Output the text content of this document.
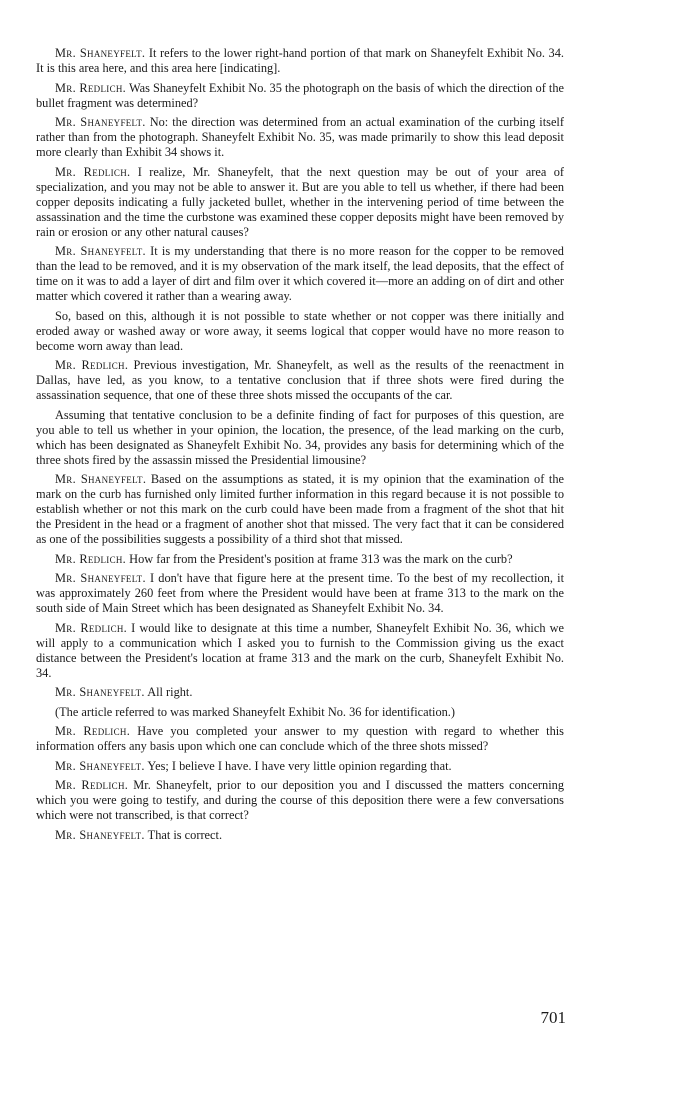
Mr. Shaneyfelt. It refers to the lower right-hand portion of that mark on Shaneyfelt Exhibit No. 34. It is this area here, and this area here [indicating].

Mr. Redlich. Was Shaneyfelt Exhibit No. 35 the photograph on the basis of which the direction of the bullet fragment was determined?

Mr. Shaneyfelt. No: the direction was determined from an actual examination of the curbing itself rather than from the photograph. Shaneyfelt Exhibit No. 35, was made primarily to show this lead deposit more clearly than Exhibit 34 shows it.

Mr. Redlich. I realize, Mr. Shaneyfelt, that the next question may be out of your area of specialization, and you may not be able to answer it. But are you able to tell us whether, if there had been copper deposits indicating a fully jacketed bullet, whether in the intervening period of time between the assassination and the time the curbstone was examined these copper deposits might have been removed by rain or erosion or any other natural causes?

Mr. Shaneyfelt. It is my understanding that there is no more reason for the copper to be removed than the lead to be removed, and it is my observation of the mark itself, the lead deposits, that the effect of time on it was to add a layer of dirt and film over it which covered it—more an adding on of dirt and other matter which covered it rather than a wearing away.

So, based on this, although it is not possible to state whether or not copper was there initially and eroded away or washed away or wore away, it seems logical that copper would have no more reason to become worn away than lead.

Mr. Redlich. Previous investigation, Mr. Shaneyfelt, as well as the results of the reenactment in Dallas, have led, as you know, to a tentative conclusion that if three shots were fired during the assassination sequence, that one of these three shots missed the occupants of the car.

Assuming that tentative conclusion to be a definite finding of fact for purposes of this question, are you able to tell us whether in your opinion, the location, the presence, of the lead marking on the curb, which has been designated as Shaneyfelt Exhibit No. 34, provides any basis for determining which of the three shots fired by the assassin missed the Presidential limousine?

Mr. Shaneyfelt. Based on the assumptions as stated, it is my opinion that the examination of the mark on the curb has furnished only limited further information in this regard because it is not possible to establish whether or not this mark on the curb could have been made from a fragment of the shot that hit the President in the head or a fragment of another shot that missed. The very fact that it can be considered as one of the possibilities suggests a possibility of a third shot that missed.

Mr. Redlich. How far from the President's position at frame 313 was the mark on the curb?

Mr. Shaneyfelt. I don't have that figure here at the present time. To the best of my recollection, it was approximately 260 feet from where the President would have been at frame 313 to the mark on the south side of Main Street which has been designated as Shaneyfelt Exhibit No. 34.

Mr. Redlich. I would like to designate at this time a number, Shaneyfelt Exhibit No. 36, which we will apply to a communication which I asked you to furnish to the Commission giving us the exact distance between the President's location at frame 313 and the mark on the curb, Shaneyfelt Exhibit No. 34.

Mr. Shaneyfelt. All right.

(The article referred to was marked Shaneyfelt Exhibit No. 36 for identification.)

Mr. Redlich. Have you completed your answer to my question with regard to whether this information offers any basis upon which one can conclude which of the three shots missed?

Mr. Shaneyfelt. Yes; I believe I have. I have very little opinion regarding that.

Mr. Redlich. Mr. Shaneyfelt, prior to our deposition you and I discussed the matters concerning which you were going to testify, and during the course of this deposition there were a few conversations which were not transcribed, is that correct?

Mr. Shaneyfelt. That is correct.

701
